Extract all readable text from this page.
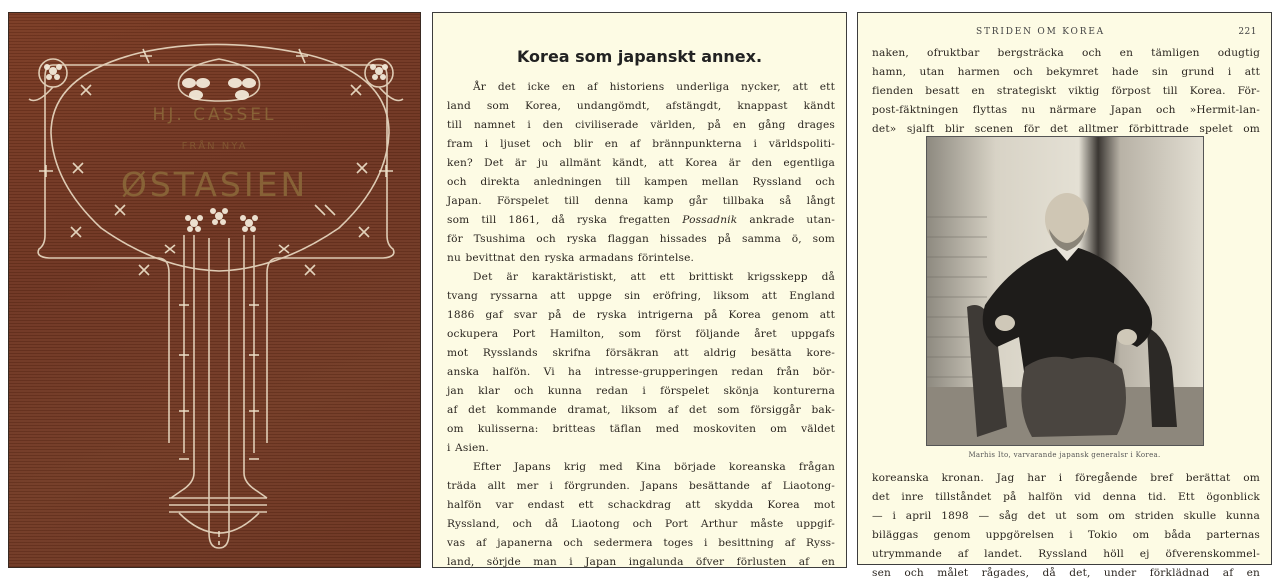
HJ. CASSEL
FRÅN NYA
ØSTASIEN
Korea som japanskt annex.
År det icke en af historiens underliga nycker, att ett
land som Korea, undangömdt, afstängdt, knappast kändt
till namnet i den civiliserade världen, på en gång drages
fram i ljuset och blir en af brännpunkterna i världspoliti-
ken? Det är ju allmänt kändt, att Korea är den egentliga
och direkta anledningen till kampen mellan Ryssland och
Japan. Förspelet till denna kamp går tillbaka så långt
som till 1861, då ryska fregatten Possadnik ankrade utan-
för Tsushima och ryska flaggan hissades på samma ö, som
nu bevittnat den ryska armadans förintelse.
Det är karaktäristiskt, att ett brittiskt krigsskepp då
tvang ryssarna att uppge sin eröfring, liksom att England
1886 gaf svar på de ryska intrigerna på Korea genom att
ockupera Port Hamilton, som först följande året uppgafs
mot Rysslands skrifna försäkran att aldrig besätta kore-
anska halfön. Vi ha intresse-grupperingen redan från bör-
jan klar och kunna redan i förspelet skönja konturerna
af det kommande dramat, liksom af det som försiggår bak-
om kulisserna: britteas täflan med moskoviten om väldet
i Asien.
Efter Japans krig med Kina började koreanska frågan
träda allt mer i förgrunden. Japans besättande af Liaotong-
halfön var endast ett schackdrag att skydda Korea mot
Ryssland, och då Liaotong och Port Arthur måste uppgif-
vas af japanerna och sedermera toges i besittning af Ryss-
land, sörjde man i Japan ingalunda öfver förlusten af en
STRIDEN OM KOREA	221
naken, ofruktbar bergsträcka och en tämligen odugtig
hamn, utan harmen och bekymret hade sin grund i att
fienden besatt en strategiskt viktig förpost till Korea. För-
post-fäktningen flyttas nu närmare Japan och »Hermit-lan-
det» sjalft blir scenen för det alltmer förbittrade spelet om
Marhis Ito, varvarande japansk generalsr i Korea.
koreanska kronan. Jag har i föregående bref berättat om
det inre tillståndet på halfön vid denna tid. Ett ögonblick
— i april 1898 — såg det ut som om striden skulle kunna
biläggas genom uppgörelsen i Tokio om båda parternas
utrymmande af landet. Ryssland höll ej öfverenskommel-
sen och målet rågades, då det, under förklädnad af en
